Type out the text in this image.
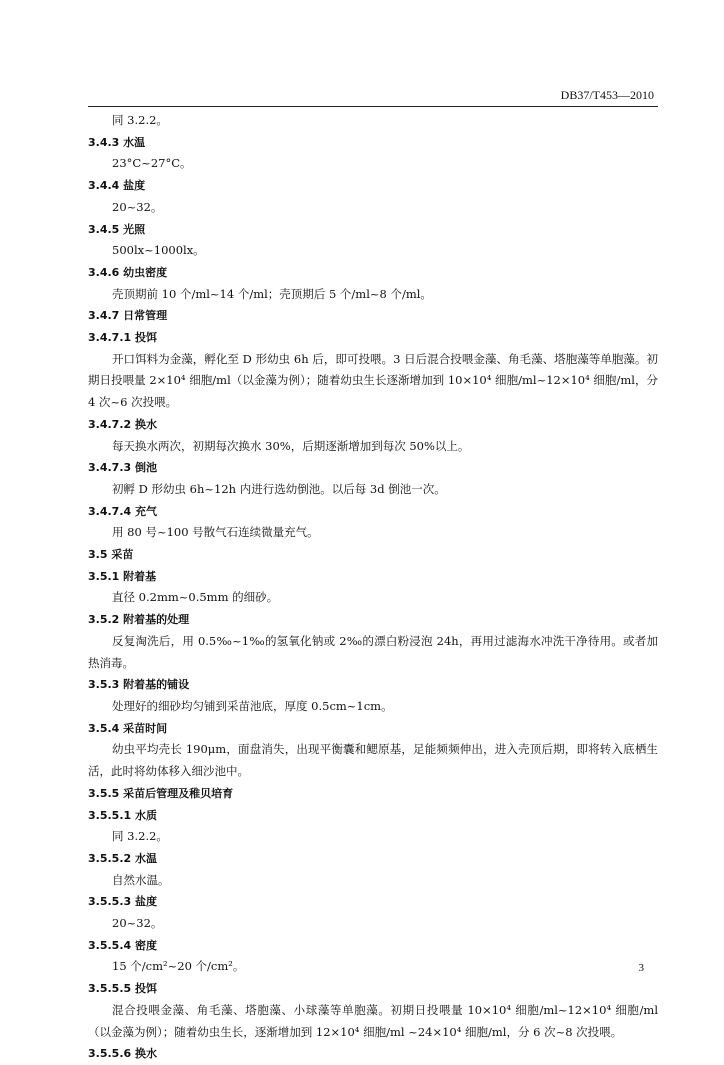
DB37/T453—2010
同 3.2.2。
3.4.3 水温
23°C~27°C。
3.4.4 盐度
20~32。
3.4.5 光照
500lx~1000lx。
3.4.6 幼虫密度
壳顶期前 10 个/ml~14 个/ml；壳顶期后 5 个/ml~8 个/ml。
3.4.7 日常管理
3.4.7.1 投饵
开口饵料为金藻，孵化至 D 形幼虫 6h 后，即可投喂。3 日后混合投喂金藻、角毛藻、塔胞藻等单胞藻。初期日投喂量 2×10⁴ 细胞/ml（以金藻为例）；随着幼虫生长逐渐增加到 10×10⁴ 细胞/ml~12×10⁴ 细胞/ml，分 4 次~6 次投喂。
3.4.7.2 换水
每天换水两次，初期每次换水 30%，后期逐渐增加到每次 50%以上。
3.4.7.3 倒池
初孵 D 形幼虫 6h~12h 内进行选幼倒池。以后每 3d 倒池一次。
3.4.7.4 充气
用 80 号~100 号散气石连续微量充气。
3.5 采苗
3.5.1 附着基
直径 0.2mm~0.5mm 的细砂。
3.5.2 附着基的处理
反复淘洗后，用 0.5‰~1‰的氢氧化钠或 2‰的漂白粉浸泡 24h，再用过滤海水冲洗干净待用。或者加热消毒。
3.5.3 附着基的铺设
处理好的细砂均匀铺到采苗池底，厚度 0.5cm~1cm。
3.5.4 采苗时间
幼虫平均壳长 190μm，面盘消失，出现平衡囊和鳃原基，足能频频伸出，进入壳顶后期，即将转入底栖生活，此时将幼体移入细沙池中。
3.5.5 采苗后管理及稚贝培育
3.5.5.1 水质
同 3.2.2。
3.5.5.2 水温
自然水温。
3.5.5.3 盐度
20~32。
3.5.5.4 密度
15 个/cm²~20 个/cm²。
3.5.5.5 投饵
混合投喂金藻、角毛藻、塔胞藻、小球藻等单胞藻。初期日投喂量 10×10⁴ 细胞/ml~12×10⁴ 细胞/ml（以金藻为例）；随着幼虫生长，逐渐增加到 12×10⁴ 细胞/ml ~24×10⁴ 细胞/ml，分 6 次~8 次投喂。
3.5.5.6 换水
3
